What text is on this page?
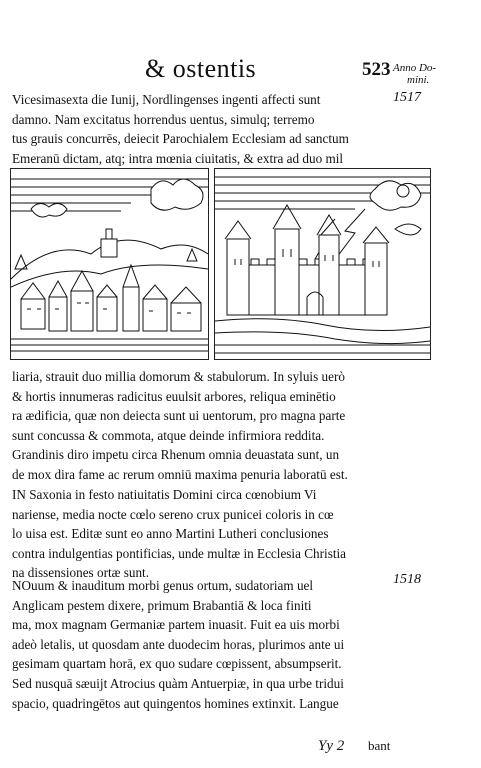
& ostentis	523 Anno Do-
mini.
1517
Vicesimasexta die Iunij, Nordlingenses ingenti affecti sunt
damno. Nam excitatus horrendus uentus, simulq; terremo
tus grauis concurrēs, deiecit Parochialem Ecclesiam ad sanctum
Emeranū dictam, atq; intra mœnia ciuitatis, & extra ad duo mil
liaria, strauit duo millia domorum & stabulorum. In syluis uerò
& hortis innumeras radicitus euulsit arbores, reliqua eminētio
ra ædificia, quæ non deiecta sunt ui uentorum, pro magna parte
sunt concussa & commota, atque deinde infirmiora reddita.
Grandinis diro impetu circa Rhenum omnia deuastata sunt, un
de mox dira fame ac rerum omniū maxima penuria laboratū est.
IN Saxonia in festo natiuitatis Domini circa cœnobium Vi
nariense, media nocte cœlo sereno crux punicei coloris in cœ
lo uisa est. Editæ sunt eo anno Martini Lutheri conclusiones
contra indulgentias pontificias, unde multæ in Ecclesia Christia
na dissensiones ortæ sunt.
NOuum & inauditum morbi genus ortum, sudatoriam uel
Anglicam pestem dixere, primum Brabantiā & loca finiti
ma, mox magnam Germaniæ partem inuasit. Fuit ea uis morbi
adeò letalis, ut quosdam ante duodecim horas, plurimos ante ui
gesimam quartam horā, ex quo sudare cœpissent, absumpserit.
Sed nusquā sæuijt Atrocius quàm Antuerpiæ, in qua urbe tridui
spacio, quadringētos aut quingentos homines extinxit. Langue
1518
Yy 2 bant
